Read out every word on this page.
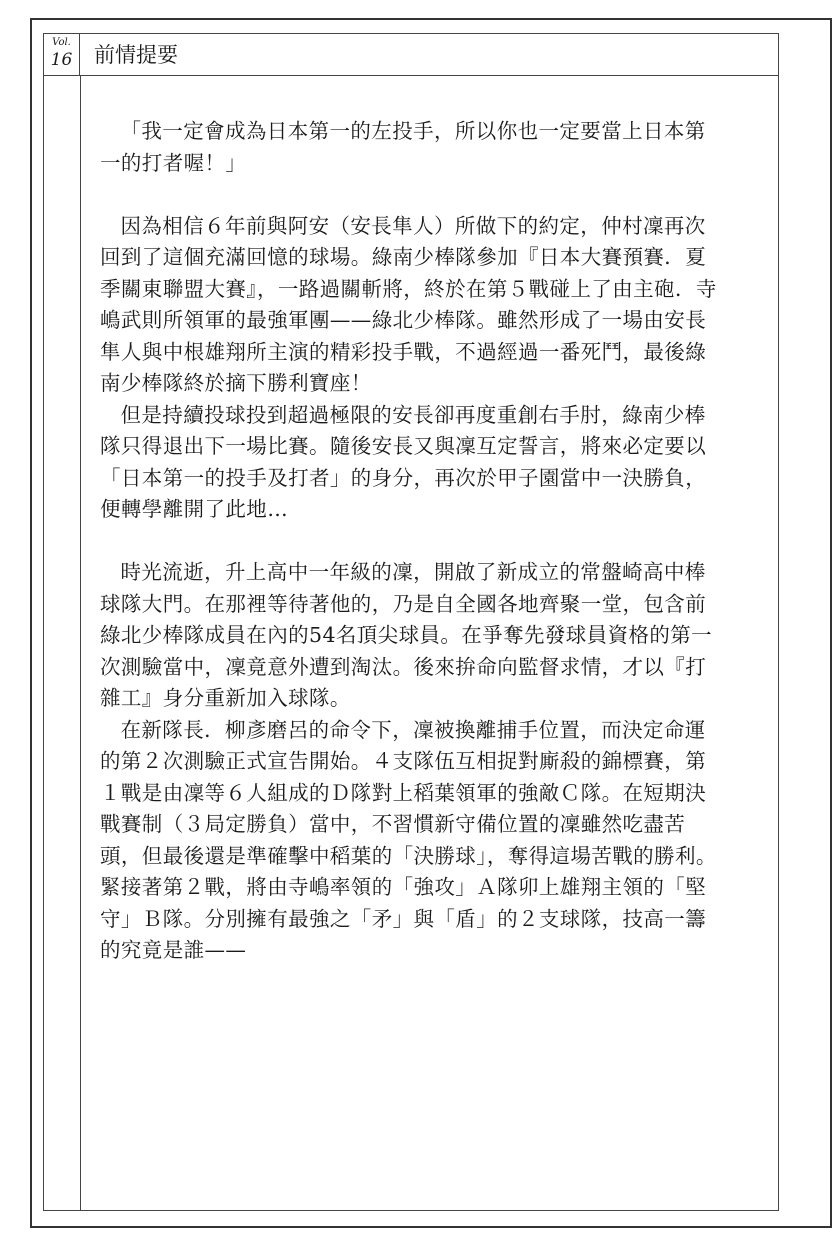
Vol.
16	前情提要

「我一定會成為日本第一的左投手，所以你也一定要當上日本第一的打者喔！」

因為相信６年前與阿安（安長隼人）所做下的約定，仲村凜再次回到了這個充滿回憶的球場。綠南少棒隊參加『日本大賽預賽．夏季關東聯盟大賽』，一路過關斬將，終於在第５戰碰上了由主砲．寺嶋武則所領軍的最強軍團——綠北少棒隊。雖然形成了一場由安長隼人與中根雄翔所主演的精彩投手戰，不過經過一番死鬥，最後綠南少棒隊終於摘下勝利寶座！

但是持續投球投到超過極限的安長卻再度重創右手肘，綠南少棒隊只得退出下一場比賽。隨後安長又與凜互定誓言，將來必定要以「日本第一的投手及打者」的身分，再次於甲子園當中一決勝負，便轉學離開了此地…

時光流逝，升上高中一年級的凜，開啟了新成立的常盤崎高中棒球隊大門。在那裡等待著他的，乃是自全國各地齊聚一堂，包含前綠北少棒隊成員在內的54名頂尖球員。在爭奪先發球員資格的第一次測驗當中，凜竟意外遭到淘汰。後來拚命向監督求情，才以『打雜工』身分重新加入球隊。

在新隊長．柳彥磨呂的命令下，凜被換離捕手位置，而決定命運的第２次測驗正式宣告開始。４支隊伍互相捉對廝殺的錦標賽，第１戰是由凜等６人組成的Ｄ隊對上稻葉領軍的強敵Ｃ隊。在短期決戰賽制（３局定勝負）當中，不習慣新守備位置的凜雖然吃盡苦頭，但最後還是準確擊中稻葉的「決勝球」，奪得這場苦戰的勝利。緊接著第２戰，將由寺嶋率領的「強攻」Ａ隊卯上雄翔主領的「堅守」Ｂ隊。分別擁有最強之「矛」與「盾」的２支球隊，技高一籌的究竟是誰——
